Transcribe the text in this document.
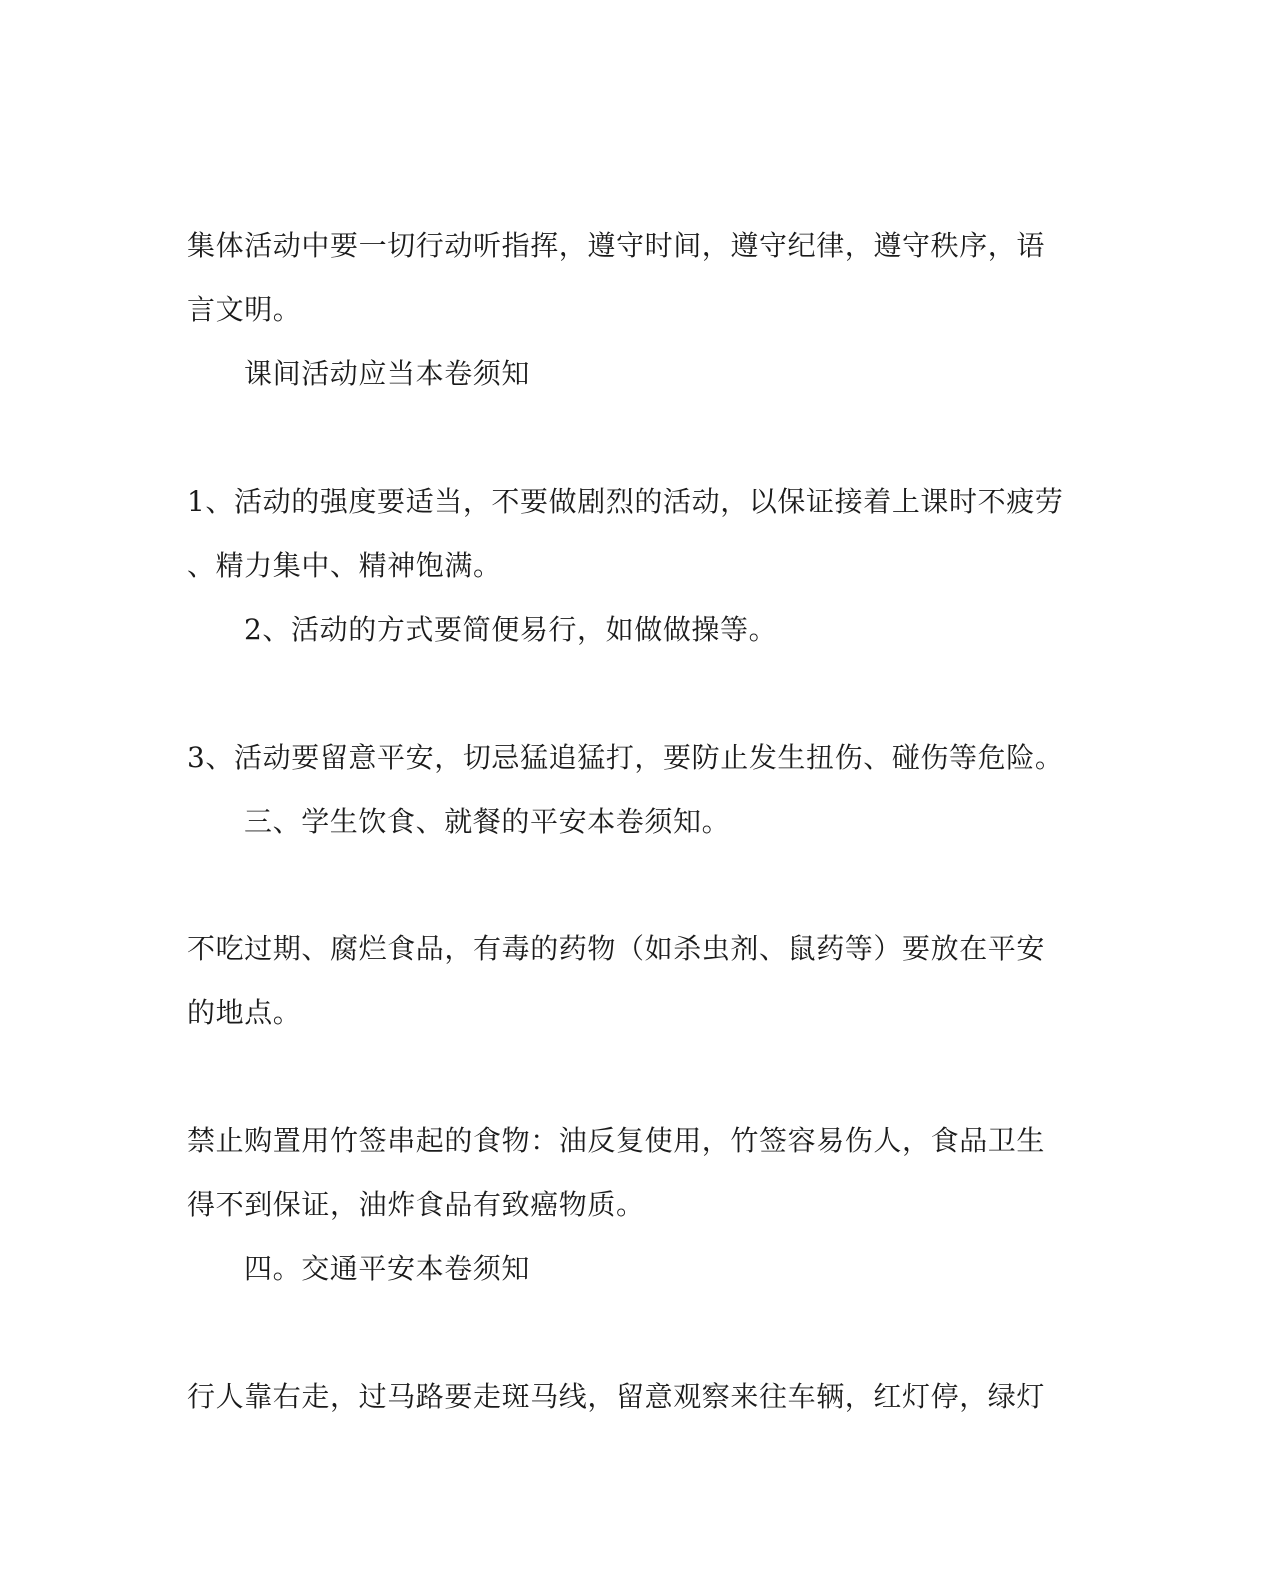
集体活动中要一切行动听指挥，遵守时间，遵守纪律，遵守秩序，语

言文明。

课间活动应当本卷须知

1、活动的强度要适当，不要做剧烈的活动，以保证接着上课时不疲劳

、精力集中、精神饱满。

2、活动的方式要简便易行，如做做操等。

3、活动要留意平安，切忌猛追猛打，要防止发生扭伤、碰伤等危险。

三、学生饮食、就餐的平安本卷须知。

不吃过期、腐烂食品，有毒的药物（如杀虫剂、鼠药等）要放在平安

的地点。

禁止购置用竹签串起的食物：油反复使用，竹签容易伤人，食品卫生

得不到保证，油炸食品有致癌物质。

四。交通平安本卷须知

行人靠右走，过马路要走斑马线，留意观察来往车辆，红灯停，绿灯
